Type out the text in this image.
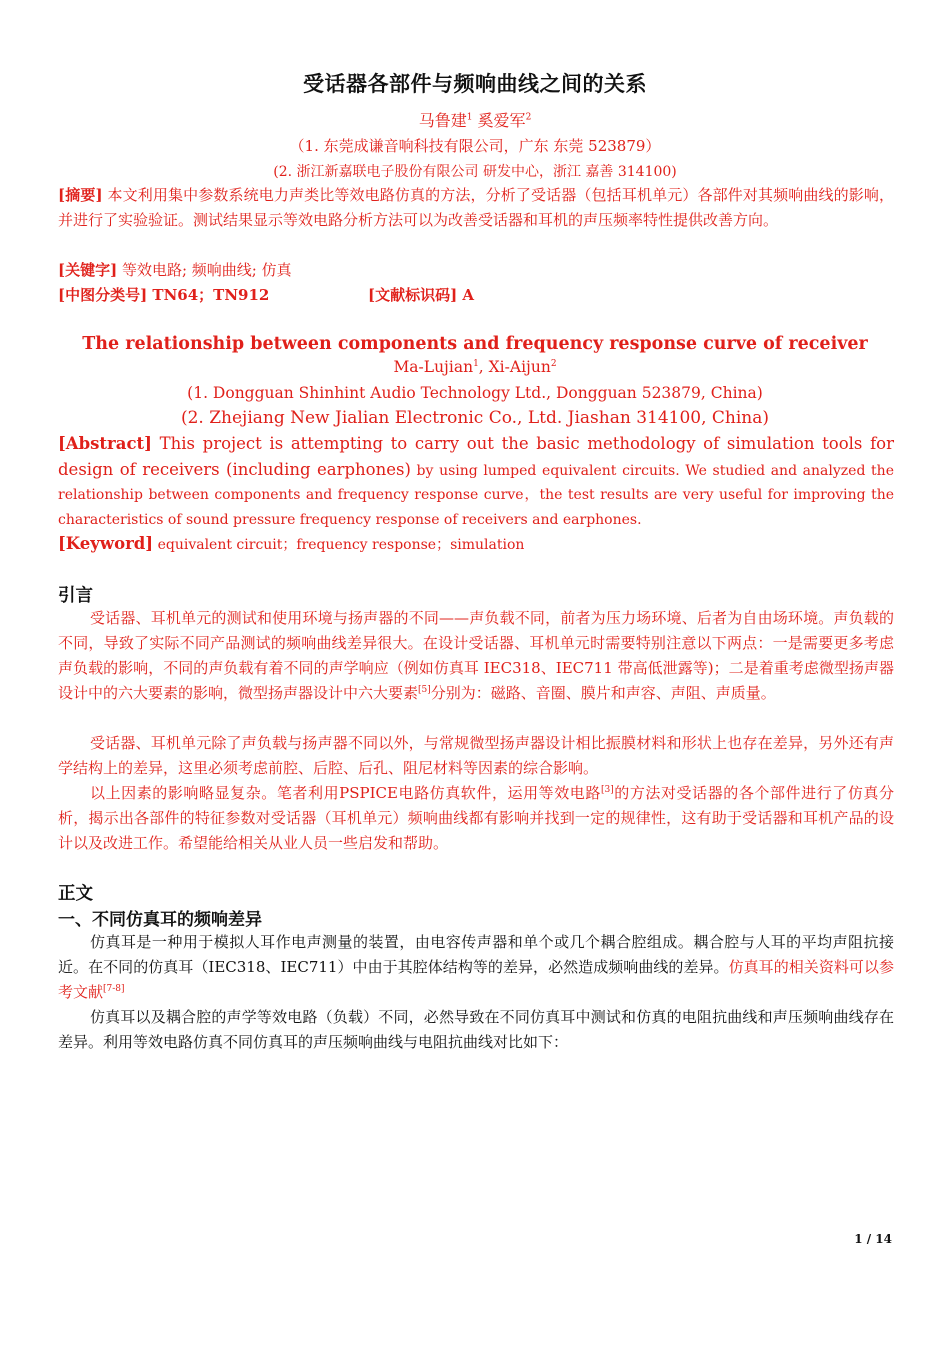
受话器各部件与频响曲线之间的关系
马鲁建$^1$ 奚爱军$^2$
（1. 东莞成谦音响科技有限公司，广东 东莞 523879）
(2. 浙江新嘉联电子股份有限公司 研发中心，浙江 嘉善 314100)
[摘要] 本文利用集中参数系统电力声类比等效电路仿真的方法，分析了受话器（包括耳机单元）各部件对其频响曲线的影响，并进行了实验验证。测试结果显示等效电路分析方法可以为改善受话器和耳机的声压频率特性提供改善方向。
[关键字] 等效电路; 频响曲线; 仿真
[中图分类号] TN64；TN912	[文献标识码] A
The relationship between components and frequency response curve of receiver
Ma-Lujian$^1$, Xi-Aijun$^2$
(1. Dongguan Shinhint Audio Technology Ltd., Dongguan 523879, China)
(2. Zhejiang New Jialian Electronic Co., Ltd. Jiashan 314100, China)
[Abstract] This project is attempting to carry out the basic methodology of simulation tools for design of receivers (including earphones) by using lumped equivalent circuits. We studied and analyzed the relationship between components and frequency response curve，the test results are very useful for improving the characteristics of sound pressure frequency response of receivers and earphones.
[Keyword] equivalent circuit；frequency response；simulation
引言
受话器、耳机单元的测试和使用环境与扬声器的不同——声负载不同，前者为压力场环境、后者为自由场环境。声负载的不同，导致了实际不同产品测试的频响曲线差异很大。在设计受话器、耳机单元时需要特别注意以下两点：一是需要更多考虑声负载的影响，不同的声负载有着不同的声学响应（例如仿真耳 IEC318、IEC711 带高低泄露等)；二是着重考虑微型扬声器设计中的六大要素的影响，微型扬声器设计中六大要素[5]分别为：磁路、音圈、膜片和声容、声阻、声质量。
受话器、耳机单元除了声负载与扬声器不同以外，与常规微型扬声器设计相比振膜材料和形状上也存在差异，另外还有声学结构上的差异，这里必须考虑前腔、后腔、后孔、阻尼材料等因素的综合影响。
以上因素的影响略显复杂。笔者利用PSPICE电路仿真软件，运用等效电路[3]的方法对受话器的各个部件进行了仿真分析，揭示出各部件的特征参数对受话器（耳机单元）频响曲线都有影响并找到一定的规律性，这有助于受话器和耳机产品的设计以及改进工作。希望能给相关从业人员一些启发和帮助。
正文
一、不同仿真耳的频响差异
仿真耳是一种用于模拟人耳作电声测量的装置，由电容传声器和单个或几个耦合腔组成。耦合腔与人耳的平均声阻抗接近。在不同的仿真耳（IEC318、IEC711）中由于其腔体结构等的差异，必然造成频响曲线的差异。仿真耳的相关资料可以参考文献[7-8]
仿真耳以及耦合腔的声学等效电路（负载）不同，必然导致在不同仿真耳中测试和仿真的电阻抗曲线和声压频响曲线存在差异。利用等效电路仿真不同仿真耳的声压频响曲线与电阻抗曲线对比如下：
1 / 14
